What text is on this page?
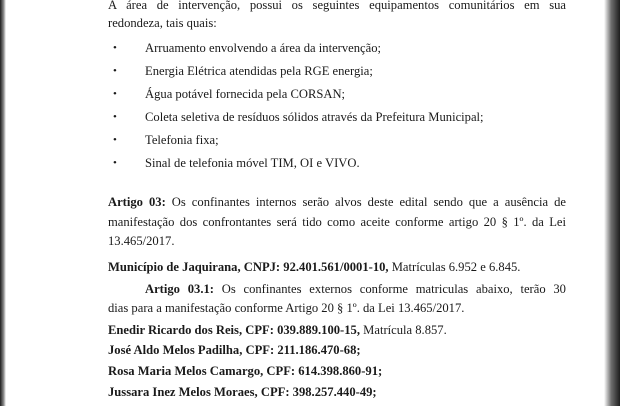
A área de intervenção, possui os seguintes equipamentos comunitários em sua
redondeza, tais quais:
• Arruamento envolvendo a área da intervenção;
• Energia Elétrica atendidas pela RGE energia;
• Água potável fornecida pela CORSAN;
• Coleta seletiva de resíduos sólidos através da Prefeitura Municipal;
• Telefonia fixa;
• Sinal de telefonia móvel TIM, OI e VIVO.
Artigo 03: Os confinantes internos serão alvos deste edital sendo que a ausência de
manifestação dos confrontantes será tido como aceite conforme artigo 20 § 1º. da Lei
13.465/2017.
Município de Jaquirana, CNPJ: 92.401.561/0001-10, Matrículas 6.952 e 6.845.
Artigo 03.1: Os confinantes externos conforme matriculas abaixo, terão 30
dias para a manifestação conforme Artigo 20 § 1º. da Lei 13.465/2017.
Enedir Ricardo dos Reis, CPF: 039.889.100-15, Matrícula 8.857.
José Aldo Melos Padilha, CPF: 211.186.470-68;
Rosa Maria Melos Camargo, CPF: 614.398.860-91;
Jussara Inez Melos Moraes, CPF: 398.257.440-49;
